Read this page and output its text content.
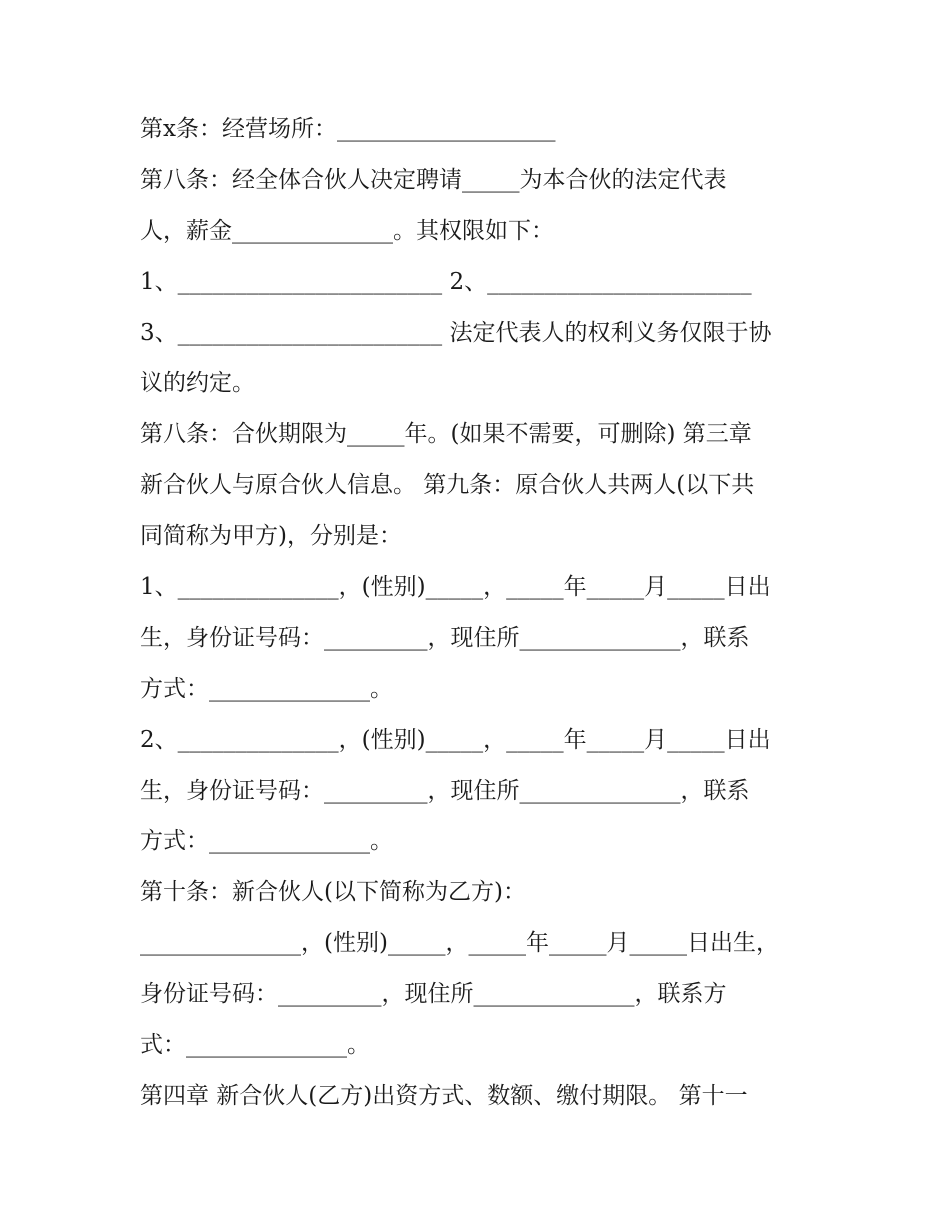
第x条：经营场所：___________________
第八条：经全体合伙人决定聘请_____为本合伙的法定代表
人，薪金______________。其权限如下：
1、_______________________ 2、_______________________
3、_______________________ 法定代表人的权利义务仅限于协
议的约定。
第八条：合伙期限为_____年。(如果不需要，可删除) 第三章
新合伙人与原合伙人信息。 第九条：原合伙人共两人(以下共
同简称为甲方)，分别是：
1、______________，(性别)_____，_____年_____月_____日出
生，身份证号码：_________，现住所______________，联系
方式：______________。
2、______________，(性别)_____，_____年_____月_____日出
生，身份证号码：_________，现住所______________，联系
方式：______________。
第十条：新合伙人(以下简称为乙方)：
______________，(性别)_____，_____年_____月_____日出生，
身份证号码：_________，现住所______________，联系方
式：______________。
第四章 新合伙人(乙方)出资方式、数额、缴付期限。 第十一
